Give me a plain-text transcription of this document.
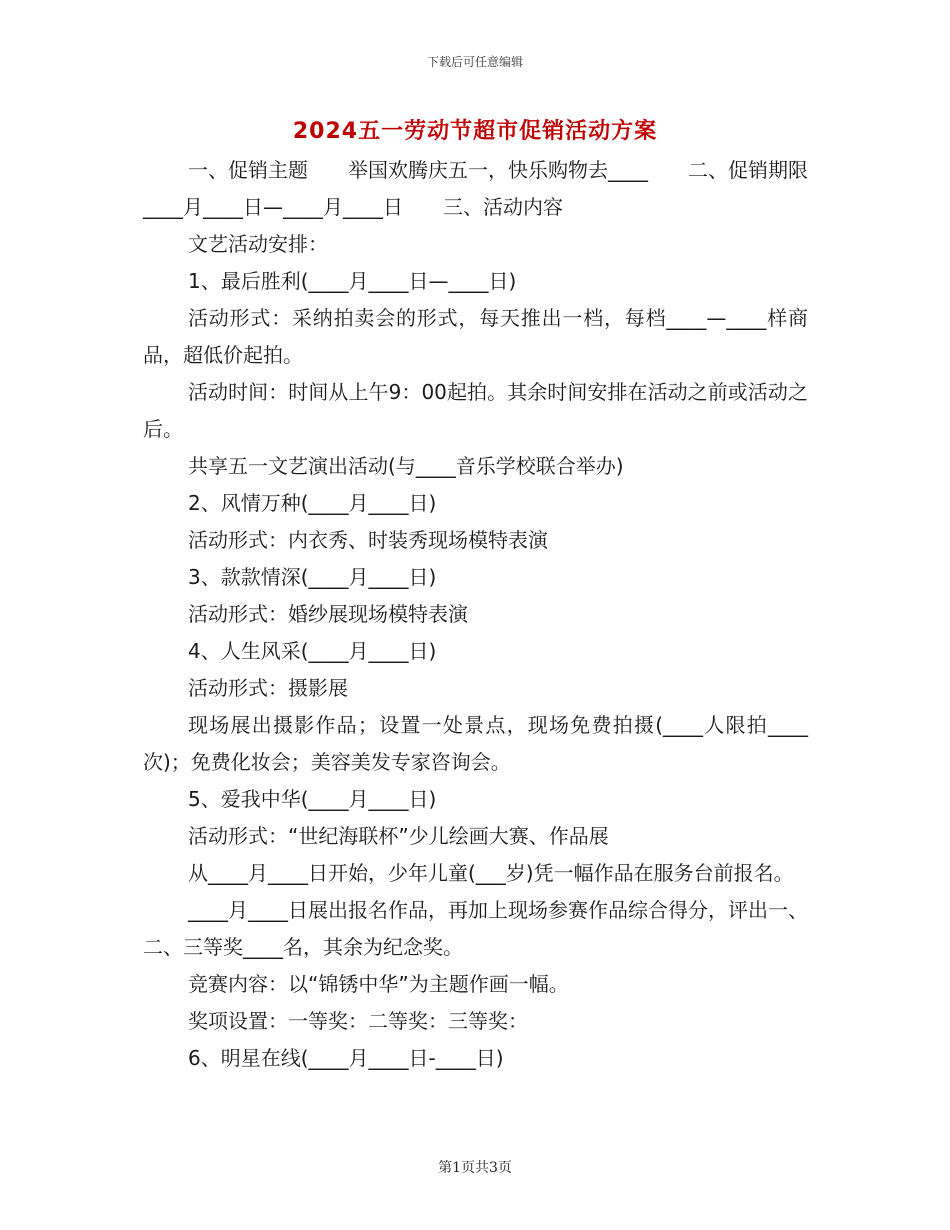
下载后可任意编辑
2024五一劳动节超市促销活动方案

一、促销主题　　举国欢腾庆五一，快乐购物去____　　二、促销期限　　____月____日—____月____日　　三、活动内容

文艺活动安排：

1、最后胜利(____月____日—____日)

活动形式：采纳拍卖会的形式，每天推出一档，每档____—____样商品，超低价起拍。

活动时间：时间从上午9：00起拍。其余时间安排在活动之前或活动之后。

共享五一文艺演出活动(与____音乐学校联合举办)

2、风情万种(____月____日)

活动形式：内衣秀、时装秀现场模特表演

3、款款情深(____月____日)

活动形式：婚纱展现场模特表演

4、人生风采(____月____日)

活动形式：摄影展

现场展出摄影作品；设置一处景点，现场免费拍摄(____人限拍____次)；免费化妆会；美容美发专家咨询会。

5、爱我中华(____月____日)

活动形式：“世纪海联杯”少儿绘画大赛、作品展

从____月____日开始，少年儿童(___岁)凭一幅作品在服务台前报名。

____月____日展出报名作品，再加上现场参赛作品综合得分，评出一、二、三等奖____名，其余为纪念奖。

竞赛内容：以“锦锈中华”为主题作画一幅。

奖项设置：一等奖：二等奖：三等奖：

6、明星在线(____月____日-____日)

第1页共3页
